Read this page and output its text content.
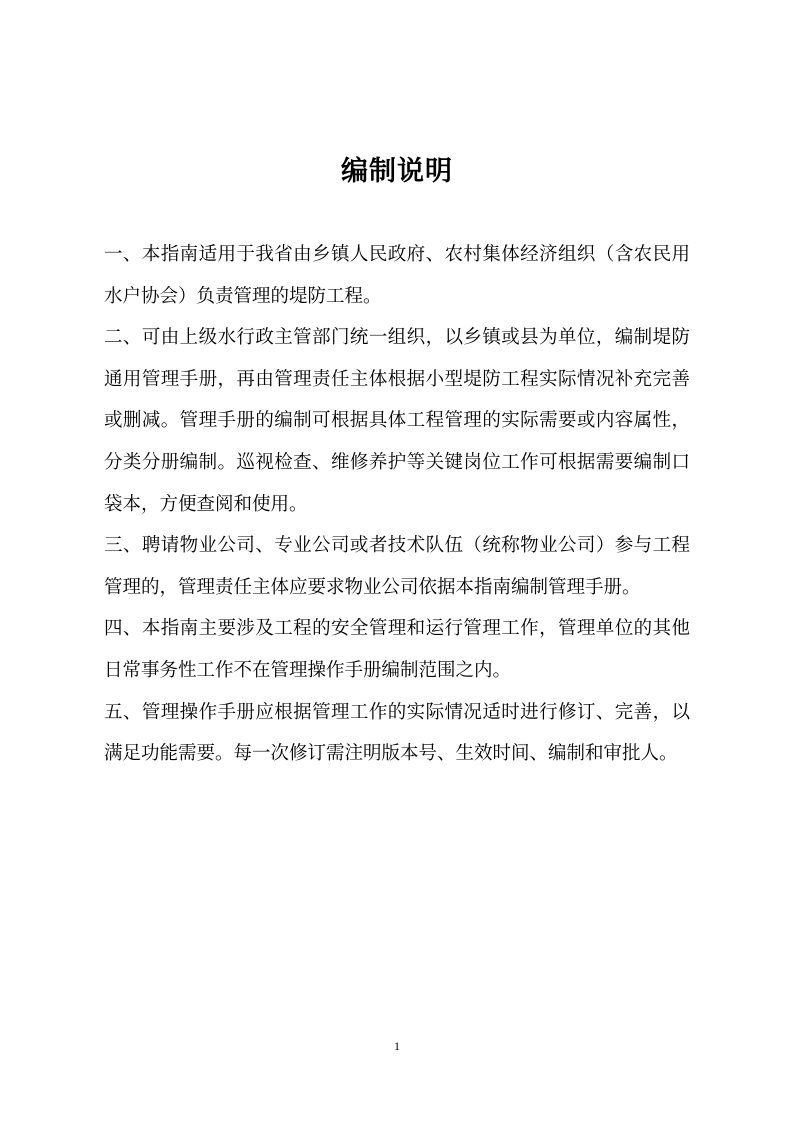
编制说明

一、本指南适用于我省由乡镇人民政府、农村集体经济组织（含农民用水户协会）负责管理的堤防工程。

二、可由上级水行政主管部门统一组织，以乡镇或县为单位，编制堤防通用管理手册，再由管理责任主体根据小型堤防工程实际情况补充完善或删减。管理手册的编制可根据具体工程管理的实际需要或内容属性，分类分册编制。巡视检查、维修养护等关键岗位工作可根据需要编制口袋本，方便查阅和使用。

三、聘请物业公司、专业公司或者技术队伍（统称物业公司）参与工程管理的，管理责任主体应要求物业公司依据本指南编制管理手册。

四、本指南主要涉及工程的安全管理和运行管理工作，管理单位的其他日常事务性工作不在管理操作手册编制范围之内。

五、管理操作手册应根据管理工作的实际情况适时进行修订、完善，以满足功能需要。每一次修订需注明版本号、生效时间、编制和审批人。

1
